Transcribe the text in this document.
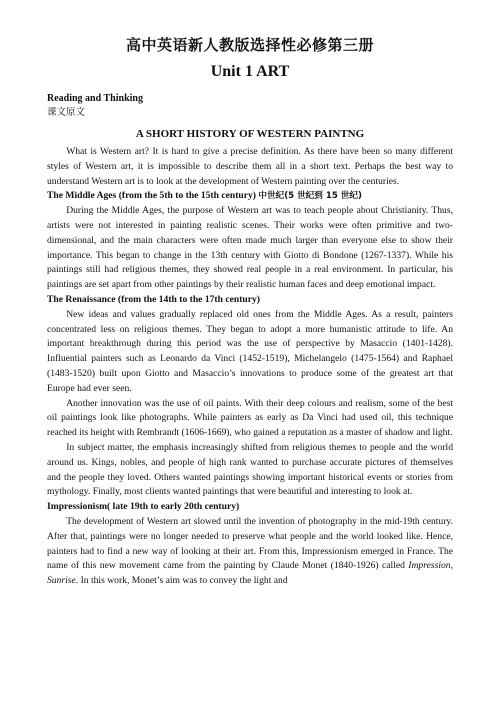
高中英语新人教版选择性必修第三册
Unit 1 ART
Reading and Thinking
课文原文
A SHORT HISTORY OF WESTERN PAINTNG

What is Western art? It is hard to give a precise definition. As there have been so many different styles of Western art, it is impossible to describe them all in a short text. Perhaps the best way to understand Western art is to look at the development of Western painting over the centuries.

The Middle Ages (from the 5th to the 15th century) 中世纪(5 世纪到 15 世纪)

During the Middle Ages, the purpose of Western art was to teach people about Christianity. Thus, artists were not interested in painting realistic scenes. Their works were often primitive and two-dimensional, and the main characters were often made much larger than everyone else to show their importance. This began to change in the 13th century with Giotto di Bondone (1267-1337). While his paintings still had religious themes, they showed real people in a real environment. In particular, his paintings are set apart from other paintings by their realistic human faces and deep emotional impact.

The Renaissance (from the 14th to the 17th century)

New ideas and values gradually replaced old ones from the Middle Ages. As a result, painters concentrated less on religious themes. They began to adopt a more humanistic attitude to life. An important breakthrough during this period was the use of perspective by Masaccio (1401-1428). Influential painters such as Leonardo da Vinci (1452-1519), Michelangelo (1475-1564) and Raphael (1483-1520) built upon Giotto and Masaccio’s innovations to produce some of the greatest art that Europe had ever seen.

Another innovation was the use of oil paints. With their deep colours and realism, some of the best oil paintings look like photographs. While painters as early as Da Vinci had used oil, this technique reached its height with Rembrandt (1606-1669), who gained a reputation as a master of shadow and light.

In subject matter, the emphasis increasingly shifted from religious themes to people and the world around us. Kings, nobles, and people of high rank wanted to purchase accurate pictures of themselves and the people they loved. Others wanted paintings showing important historical events or stories from mythology. Finally, most clients wanted paintings that were beautiful and interesting to look at.

Impressionism( late 19th to early 20th century)

The development of Western art slowed until the invention of photography in the mid-19th century. After that, paintings were no longer needed to preserve what people and the world looked like. Hence, painters had to find a new way of looking at their art. From this, Impressionism emerged in France. The name of this new movement came from the painting by Claude Monet (1840-1926) called Impression, Sunrise. In this work, Monet’s aim was to convey the light and
